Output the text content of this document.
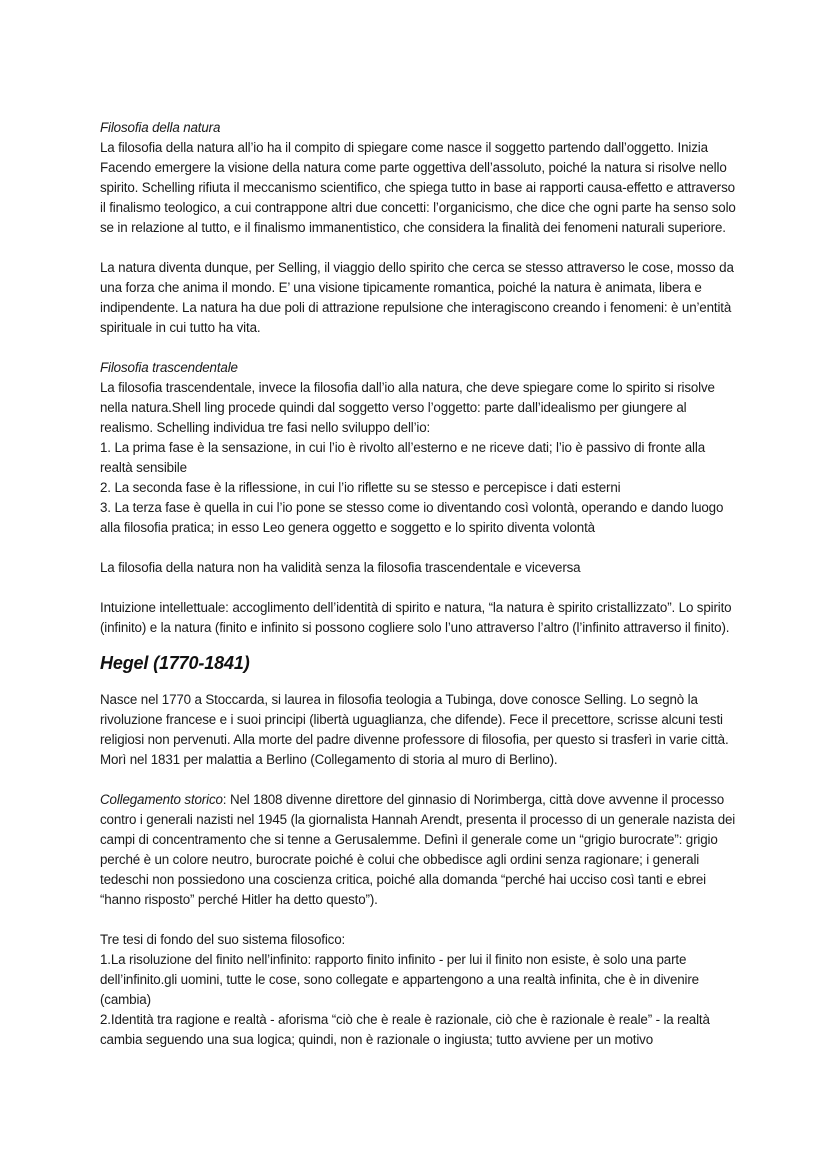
Filosofia della natura

La filosofia della natura all’io ha il compito di spiegare come nasce il soggetto partendo dall’oggetto. Inizia Facendo emergere la visione della natura come parte oggettiva dell’assoluto, poiché la natura si risolve nello spirito. Schelling rifiuta il meccanismo scientifico, che spiega tutto in base ai rapporti causa-effetto e attraverso il finalismo teologico, a cui contrappone altri due concetti: l’organicismo, che dice che ogni parte ha senso solo se in relazione al tutto, e il finalismo immanentistico, che considera la finalità dei fenomeni naturali superiore.

La natura diventa dunque, per Selling, il viaggio dello spirito che cerca se stesso attraverso le cose, mosso da una forza che anima il mondo. E’ una visione tipicamente romantica, poiché la natura è animata, libera e indipendente. La natura ha due poli di attrazione repulsione che interagiscono creando i fenomeni: è un’entità spirituale in cui tutto ha vita.

Filosofia trascendentale

La filosofia trascendentale, invece la filosofia dall’io alla natura, che deve spiegare come lo spirito si risolve nella natura.Shell ling procede quindi dal soggetto verso l’oggetto: parte dall’idealismo per giungere al realismo. Schelling individua tre fasi nello sviluppo dell’io:

1. La prima fase è la sensazione, in cui l’io è rivolto all’esterno e ne riceve dati; l’io è passivo di fronte alla realtà sensibile

2. La seconda fase è la riflessione, in cui l’io riflette su se stesso e percepisce i dati esterni

3. La terza fase è quella in cui l’io pone se stesso come io diventando così volontà, operando e dando luogo alla filosofia pratica; in esso Leo genera oggetto e soggetto e lo spirito diventa volontà

La filosofia della natura non ha validità senza la filosofia trascendentale e viceversa

Intuizione intellettuale: accoglimento dell’identità di spirito e natura, “la natura è spirito cristallizzato”. Lo spirito (infinito) e la natura (finito e infinito si possono cogliere solo l’uno attraverso l’altro (l’infinito attraverso il finito).

Hegel (1770-1841)

Nasce nel 1770 a Stoccarda, si laurea in filosofia teologia a Tubinga, dove conosce Selling. Lo segnò la rivoluzione francese e i suoi principi (libertà uguaglianza, che difende). Fece il precettore, scrisse alcuni testi religiosi non pervenuti. Alla morte del padre divenne professore di filosofia, per questo si trasferì in varie città. Morì nel 1831 per malattia a Berlino (Collegamento di storia al muro di Berlino).

Collegamento storico: Nel 1808 divenne direttore del ginnasio di Norimberga, città dove avvenne il processo contro i generali nazisti nel 1945 (la giornalista Hannah Arendt, presenta il processo di un generale nazista dei campi di concentramento che si tenne a Gerusalemme. Definì il generale come un “grigio burocrate”: grigio perché è un colore neutro, burocrate poiché è colui che obbedisce agli ordini senza ragionare; i generali tedeschi non possiedono una coscienza critica, poiché alla domanda “perché hai ucciso così tanti e ebrei “hanno risposto” perché Hitler ha detto questo”).

Tre tesi di fondo del suo sistema filosofico:

1.La risoluzione del finito nell’infinito: rapporto finito infinito - per lui il finito non esiste, è solo una parte dell’infinito.gli uomini, tutte le cose, sono collegate e appartengono a una realtà infinita, che è in divenire (cambia)

2.Identità tra ragione e realtà - aforisma “ciò che è reale è razionale, ciò che è razionale è reale” - la realtà cambia seguendo una sua logica; quindi, non è razionale o ingiusta; tutto avviene per un motivo
